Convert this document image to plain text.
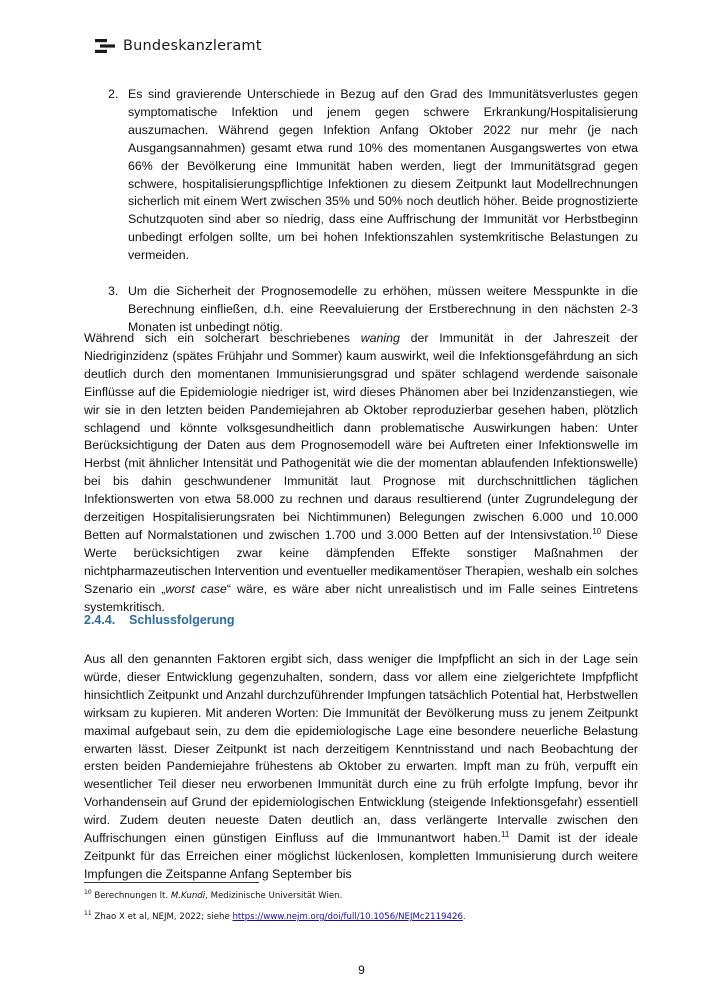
Bundeskanzleramt
2. Es sind gravierende Unterschiede in Bezug auf den Grad des Immunitätsverlustes gegen symptomatische Infektion und jenem gegen schwere Erkrankung/Hospitalisierung auszumachen. Während gegen Infektion Anfang Oktober 2022 nur mehr (je nach Ausgangsannahmen) gesamt etwa rund 10% des momentanen Ausgangswertes von etwa 66% der Bevölkerung eine Immunität haben werden, liegt der Immunitätsgrad gegen schwere, hospitalisierungspflichtige Infektionen zu diesem Zeitpunkt laut Modellrechnungen sicherlich mit einem Wert zwischen 35% und 50% noch deutlich höher. Beide prognostizierte Schutzquoten sind aber so niedrig, dass eine Auffrischung der Immunität vor Herbstbeginn unbedingt erfolgen sollte, um bei hohen Infektionszahlen systemkritische Belastungen zu vermeiden.
3. Um die Sicherheit der Prognosemodelle zu erhöhen, müssen weitere Messpunkte in die Berechnung einfließen, d.h. eine Reevaluierung der Erstberechnung in den nächsten 2-3 Monaten ist unbedingt nötig.

Während sich ein solcherart beschriebenes waning der Immunität in der Jahreszeit der Niedriginzidenz (spätes Frühjahr und Sommer) kaum auswirkt, weil die Infektionsgefährdung an sich deutlich durch den momentanen Immunisierungsgrad und später schlagend werdende saisonale Einflüsse auf die Epidemiologie niedriger ist, wird dieses Phänomen aber bei Inzidenzanstiegen, wie wir sie in den letzten beiden Pandemiejahren ab Oktober reproduzierbar gesehen haben, plötzlich schlagend und könnte volksgesundheitlich dann problematische Auswirkungen haben: Unter Berücksichtigung der Daten aus dem Prognosemodell wäre bei Auftreten einer Infektionswelle im Herbst (mit ähnlicher Intensität und Pathogenität wie die der momentan ablaufenden Infektionswelle) bei bis dahin geschwundener Immunität laut Prognose mit durchschnittlichen täglichen Infektionswerten von etwa 58.000 zu rechnen und daraus resultierend (unter Zugrundelegung der derzeitigen Hospitalisierungsraten bei Nichtimmunen) Belegungen zwischen 6.000 und 10.000 Betten auf Normalstationen und zwischen 1.700 und 3.000 Betten auf der Intensivstation.$^{10}$ Diese Werte berücksichtigen zwar keine dämpfenden Effekte sonstiger Maßnahmen der nichtpharmazeutischen Intervention und eventueller medikamentöser Therapien, weshalb ein solches Szenario ein „worst case“ wäre, es wäre aber nicht unrealistisch und im Falle seines Eintretens systemkritisch.

2.4.4. Schlussfolgerung

Aus all den genannten Faktoren ergibt sich, dass weniger die Impfpflicht an sich in der Lage sein würde, dieser Entwicklung gegenzuhalten, sondern, dass vor allem eine zielgerichtete Impfpflicht hinsichtlich Zeitpunkt und Anzahl durchzuführender Impfungen tatsächlich Potential hat, Herbstwellen wirksam zu kupieren. Mit anderen Worten: Die Immunität der Bevölkerung muss zu jenem Zeitpunkt maximal aufgebaut sein, zu dem die epidemiologische Lage eine besondere neuerliche Belastung erwarten lässt. Dieser Zeitpunkt ist nach derzeitigem Kenntnisstand und nach Beobachtung der ersten beiden Pandemiejahre frühestens ab Oktober zu erwarten. Impft man zu früh, verpufft ein wesentlicher Teil dieser neu erworbenen Immunität durch eine zu früh erfolgte Impfung, bevor ihr Vorhandensein auf Grund der epidemiologischen Entwicklung (steigende Infektionsgefahr) essentiell wird. Zudem deuten neueste Daten deutlich an, dass verlängerte Intervalle zwischen den Auffrischungen einen günstigen Einfluss auf die Immunantwort haben.$^{11}$ Damit ist der ideale Zeitpunkt für das Erreichen einer möglichst lückenlosen, kompletten Immunisierung durch weitere Impfungen die Zeitspanne Anfang September bis

$^{10}$ Berechnungen lt. M.Kundi, Medizinische Universität Wien.
$^{11}$ Zhao X et al, NEJM, 2022; siehe https://www.nejm.org/doi/full/10.1056/NEJMc2119426.
9
